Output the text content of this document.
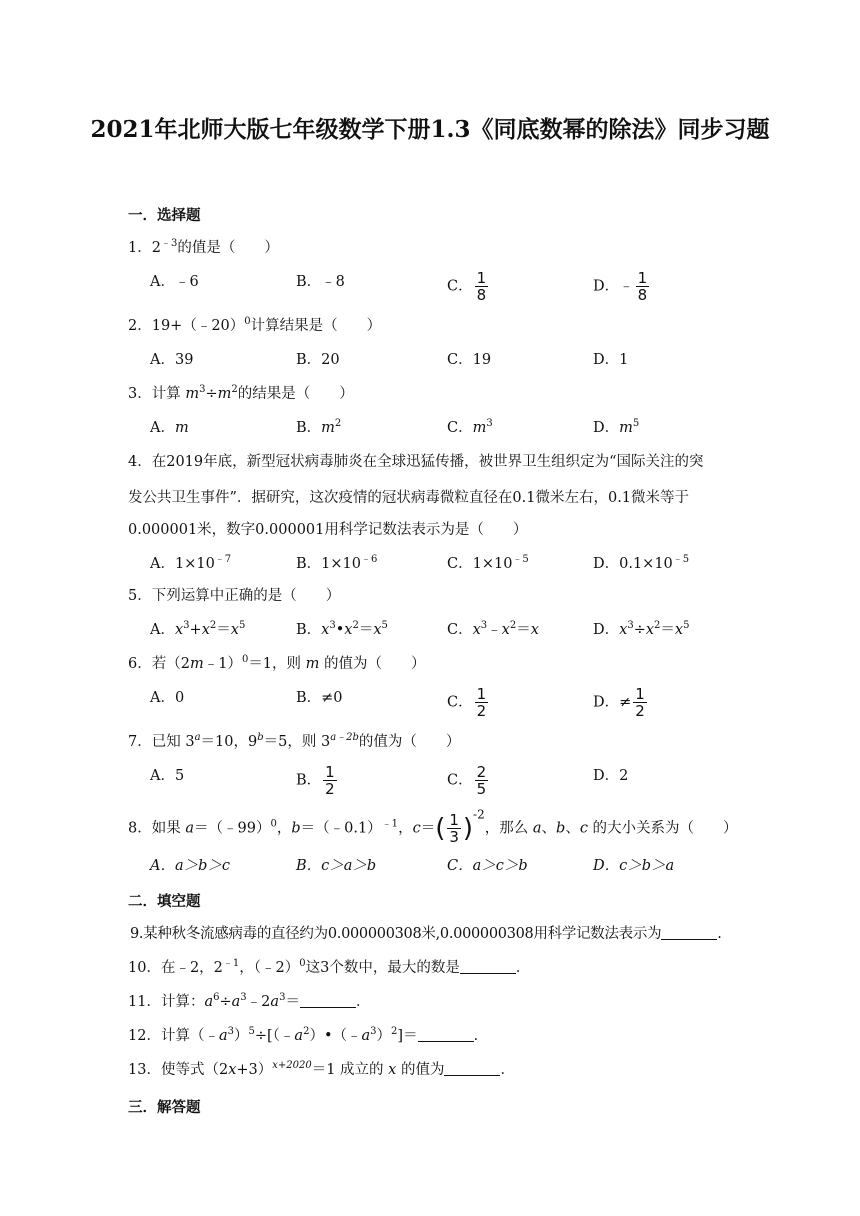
2021年北师大版七年级数学下册1.3《同底数幂的除法》同步习题
一．选择题
1．$2^{﹣3}$的值是（　　）
A．﹣6	B．﹣8	C． $\frac{1}{8}$	D．﹣ $\frac{1}{8}$
2．19+（﹣20）$^0$计算结果是（　　）
A．39	B．20	C．19	D．1
3．计算 $m^3\div m^2$的结果是（　　）
A．m	B．$m^2$	C．$m^3$	D．$m^5$
4．在2019年底，新型冠状病毒肺炎在全球迅猛传播，被世界卫生组织定为“国际关注的突
发公共卫生事件”．据研究，这次疫情的冠状病毒微粒直径在0.1微米左右，0.1微米等于
0.000001米，数字0.000001用科学记数法表示为是（　　）
A．$1\times 10^{﹣7}$	B．$1\times 10^{﹣6}$	C．$1\times 10^{﹣5}$	D．$0.1\times 10^{﹣5}$
5．下列运算中正确的是（　　）
A．$x^3+x^2=x^5$	B．$x^3•x^2=x^5$	C．$x^3﹣x^2=x$	D．$x^3\div x^2=x^5$
6．若（2m﹣1）$^0$＝1，则 m 的值为（　　）
A．0	B．≠0	C． $\frac{1}{2}$	D．≠ $\frac{1}{2}$
7．已知 $3^a=10$，$9^b=5$，则 $3^{a﹣2b}$的值为（　　）
A．5	B． $\frac{1}{2}$	C． $\frac{2}{5}$	D．2
8．如果 a＝（﹣99）$^0$，b＝（﹣0.1）$^{﹣1}$，$c=( \frac{1}{3} )^{-2}$，那么 a、b、c 的大小关系为（　　）
A．a＞b＞c	B．c＞a＞b	C．a＞c＞b	D．c＞b＞a
二．填空题
9.某种秋冬流感病毒的直径约为0.000000308米,0.000000308用科学记数法表示为	.
10．在﹣2，$2^{﹣1}$，（﹣2）$^0$这3个数中，最大的数是	．
11．计算：$a^6\div a^3﹣2a^3=$	．
12．计算$(﹣a^3)^5\div[(﹣a^2)•(﹣a^3)^2]=$	．
13．使等式$(2x+3)^{x+2020}=1$ 成立的 x 的值为	．
三．解答题
